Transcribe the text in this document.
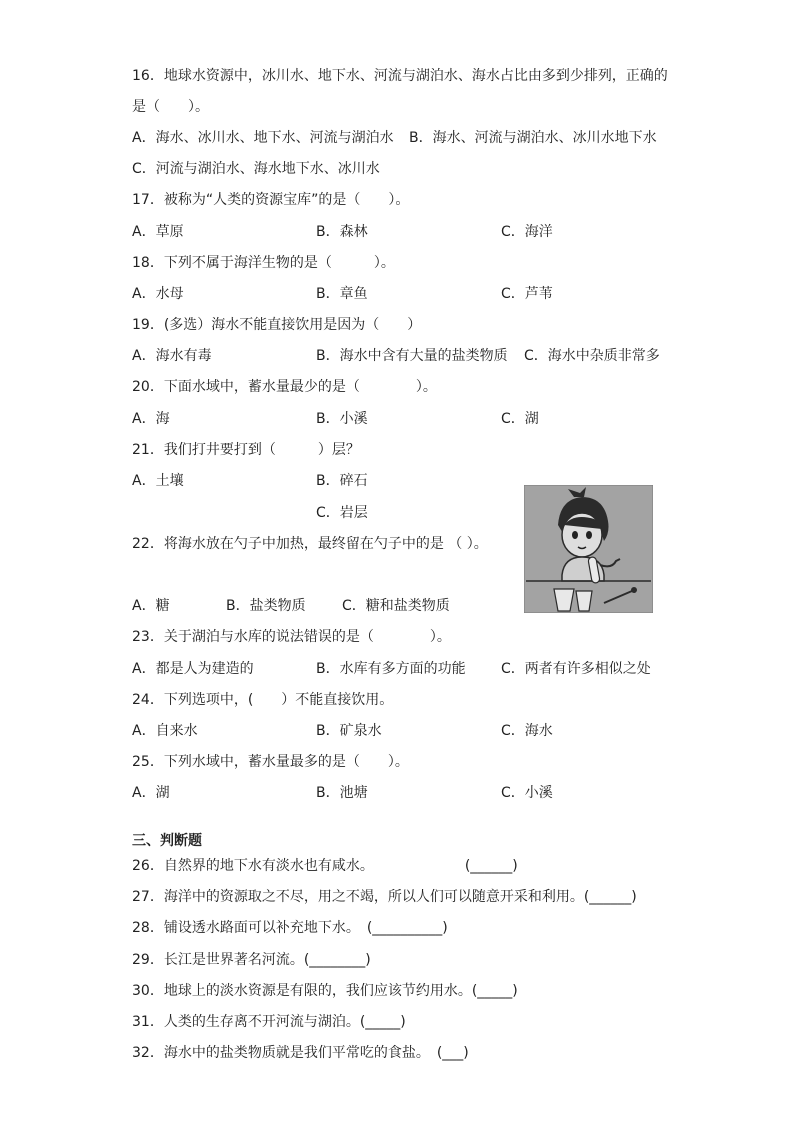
16．地球水资源中，冰川水、地下水、河流与湖泊水、海水占比由多到少排列，正确的
是（　　）。
A．海水、冰川水、地下水、河流与湖泊水 B．海水、河流与湖泊水、冰川水地下水
C．河流与湖泊水、海水地下水、冰川水
17．被称为“人类的资源宝库”的是（　　）。
A．草原	B．森林	C．海洋
18．下列不属于海洋生物的是（　　　）。
A．水母	B．章鱼	C．芦苇
19．(多选）海水不能直接饮用是因为（　　）
A．海水有毒	B．海水中含有大量的盐类物质 C．海水中杂质非常多
20．下面水域中，蓄水量最少的是（　　　　）。
A．海	B．小溪	C．湖
21．我们打井要打到（　　　）层？
A．土壤	B．碎石
C．岩层
22．将海水放在勺子中加热，最终留在勺子中的是 （ ）。
A．糖	B．盐类物质	C．糖和盐类物质
23．关于湖泊与水库的说法错误的是（　　　　）。
A．都是人为建造的	B．水库有多方面的功能	C．两者有许多相似之处
24．下列选项中，(　　）不能直接饮用。
A．自来水	B．矿泉水	C．海水
25．下列水域中，蓄水量最多的是（　　）。
A．湖	B．池塘	C．小溪
三、判断题
26．自然界的地下水有淡水也有咸水。　　　　　　　(______)
27．海洋中的资源取之不尽，用之不竭，所以人们可以随意开采和利用。(______)
28．铺设透水路面可以补充地下水。　(__________)
29．长江是世界著名河流。(________)
30．地球上的淡水资源是有限的，我们应该节约用水。(_____)
31．人类的生存离不开河流与湖泊。(_____)
32．海水中的盐类物质就是我们平常吃的食盐。　(___)
